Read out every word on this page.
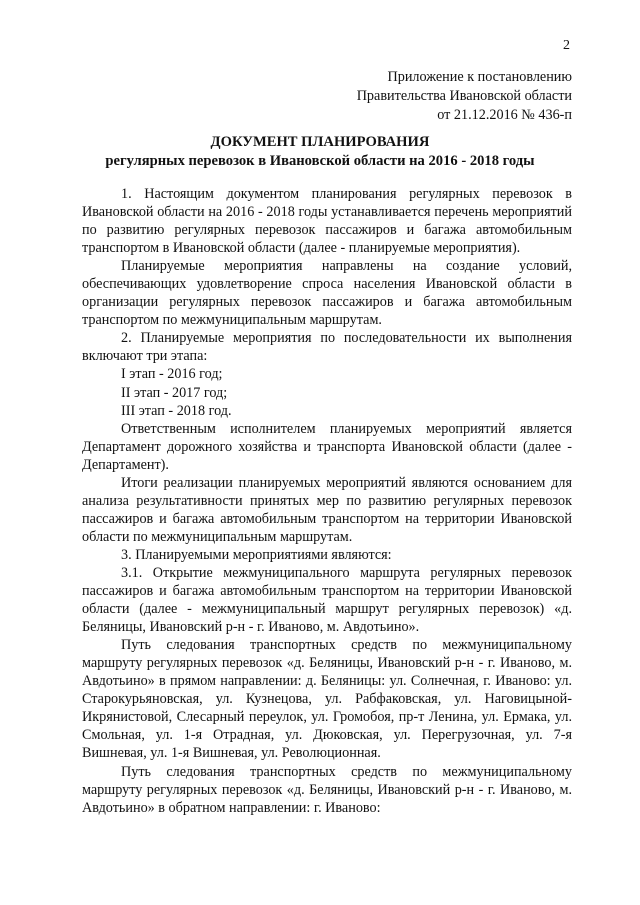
2
Приложение к постановлению
Правительства Ивановской области
от 21.12.2016 № 436-п
ДОКУМЕНТ ПЛАНИРОВАНИЯ
регулярных перевозок в Ивановской области на 2016 - 2018 годы

1. Настоящим документом планирования регулярных перевозок в Ивановской области на 2016 - 2018 годы устанавливается перечень мероприятий по развитию регулярных перевозок пассажиров и багажа автомобильным транспортом в Ивановской области (далее - планируемые мероприятия).

Планируемые мероприятия направлены на создание условий, обеспечивающих удовлетворение спроса населения Ивановской области в организации регулярных перевозок пассажиров и багажа автомобильным транспортом по межмуниципальным маршрутам.

2. Планируемые мероприятия по последовательности их выполнения включают три этапа:

I этап - 2016 год;

II этап - 2017 год;

III этап - 2018 год.

Ответственным исполнителем планируемых мероприятий является Департамент дорожного хозяйства и транспорта Ивановской области (далее - Департамент).

Итоги реализации планируемых мероприятий являются основанием для анализа результативности принятых мер по развитию регулярных перевозок пассажиров и багажа автомобильным транспортом на территории Ивановской области по межмуниципальным маршрутам.

3. Планируемыми мероприятиями являются:

3.1. Открытие межмуниципального маршрута регулярных перевозок пассажиров и багажа автомобильным транспортом на территории Ивановской области (далее - межмуниципальный маршрут регулярных перевозок) «д. Беляницы, Ивановский р-н - г. Иваново, м. Авдотьино».

Путь следования транспортных средств по межмуниципальному маршруту регулярных перевозок «д. Беляницы, Ивановский р-н - г. Иваново, м. Авдотьино» в прямом направлении: д. Беляницы: ул. Солнечная, г. Иваново: ул. Старокурьяновская, ул. Кузнецова, ул. Рабфаковская, ул. Наговицыной-Икрянистовой, Слесарный переулок, ул. Громобоя, пр-т Ленина, ул. Ермака, ул. Смольная, ул. 1-я Отрадная, ул. Дюковская, ул. Перегрузочная, ул. 7-я Вишневая, ул. 1-я Вишневая, ул. Революционная.

Путь следования транспортных средств по межмуниципальному маршруту регулярных перевозок «д. Беляницы, Ивановский р-н - г. Иваново, м. Авдотьино» в обратном направлении: г. Иваново:
